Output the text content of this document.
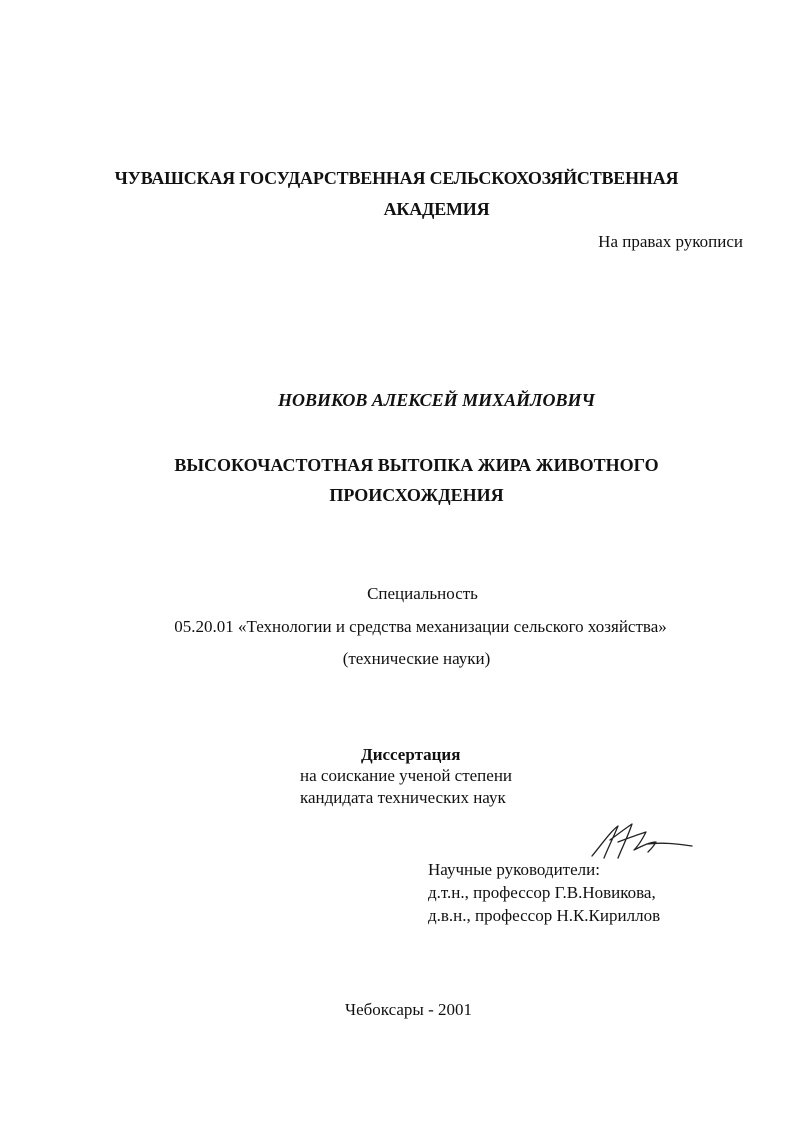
ЧУВАШСКАЯ ГОСУДАРСТВЕННАЯ СЕЛЬСКОХОЗЯЙСТВЕННАЯ
АКАДЕМИЯ
На правах рукописи
НОВИКОВ АЛЕКСЕЙ МИХАЙЛОВИЧ
ВЫСОКОЧАСТОТНАЯ ВЫТОПКА ЖИРА ЖИВОТНОГО
ПРОИСХОЖДЕНИЯ
Специальность
05.20.01 «Технологии и средства механизации сельского хозяйства»
(технические науки)
Диссертация
на соискание ученой степени
кандидата технических наук
Научные руководители:
д.т.н., профессор Г.В.Новикова,
д.в.н., профессор Н.К.Кириллов
Чебоксары - 2001
